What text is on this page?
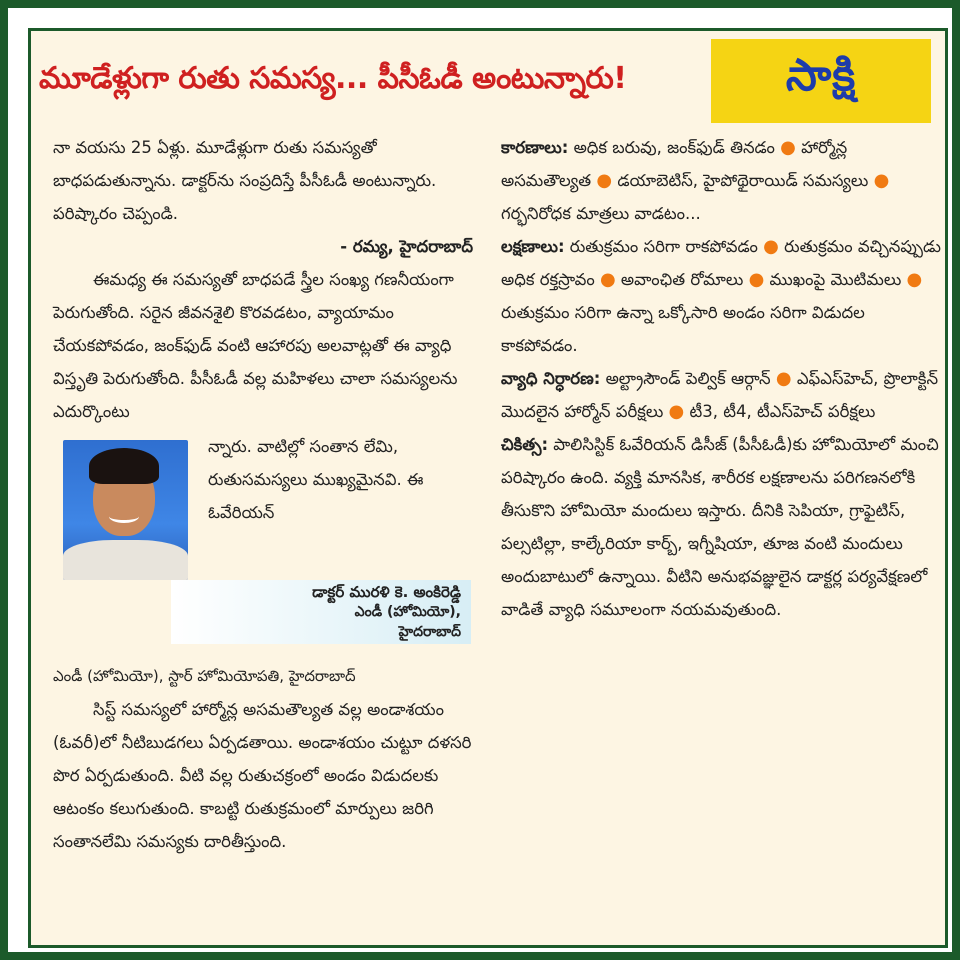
మూడేళ్లుగా రుతు సమస్య... పీసీఓడీ అంటున్నారు!	సాక్షి

నా వయసు 25 ఏళ్లు. మూడేళ్లుగా రుతు సమస్యతో బాధపడుతున్నాను. డాక్టర్‌ను సంప్రదిస్తే పీసీఓడీ అంటున్నారు. పరిష్కారం చెప్పండి.

- రమ్య, హైదరాబాద్

ఈమధ్య ఈ సమస్యతో బాధపడే స్త్రీల సంఖ్య గణనీయంగా పెరుగుతోంది. సరైన జీవనశైలి కొరవడటం, వ్యాయామం చేయకపోవడం, జంక్‌ఫుడ్ వంటి ఆహారపు అలవాట్లతో ఈ వ్యాధి విస్తృతి పెరుగుతోంది. పీసీఓడీ వల్ల మహిళలు చాలా సమస్యలను ఎదుర్కొంటు

న్నారు. వాటిల్లో సంతాన లేమి, రుతుసమస్యలు ముఖ్యమైనవి. ఈ ఓవేరియన్

డాక్టర్ మురళి కె. అంకిరెడ్డి
ఎండీ (హోమియో),
హైదరాబాద్

ఎండీ (హోమియో), స్టార్ హోమియోపతి, హైదరాబాద్

సిస్ట్ సమస్యలో హార్మోన్ల అసమతౌల్యత వల్ల అండాశయం (ఓవరీ)లో నీటిబుడగలు ఏర్పడతాయి. అండాశయం చుట్టూ దళసరి పొర ఏర్పడుతుంది. వీటి వల్ల రుతుచక్రంలో అండం విడుదలకు ఆటంకం కలుగుతుంది. కాబట్టి రుతుక్రమంలో మార్పులు జరిగి సంతానలేమి సమస్యకు దారితీస్తుంది.

కారణాలు: అధిక బరువు, జంక్‌ఫుడ్ తినడం ● హార్మోన్ల అసమతౌల్యత ● డయాబెటిస్, హైపోథైరాయిడ్ సమస్యలు ● గర్భనిరోధక మాత్రలు వాడటం...

లక్షణాలు: రుతుక్రమం సరిగా రాకపోవడం ● రుతుక్రమం వచ్చినప్పుడు అధిక రక్తస్రావం ● అవాంఛిత రోమాలు ● ముఖంపై మొటిమలు ● రుతుక్రమం సరిగా ఉన్నా ఒక్కోసారి అండం సరిగా విడుదల కాకపోవడం.

వ్యాధి నిర్ధారణ: అల్ట్రాసౌండ్ పెల్విక్ ఆర్గాన్ ● ఎఫ్ఎస్‌హెచ్, ప్రొలాక్టిన్ మొదలైన హార్మోన్ పరీక్షలు ● టీ3, టీ4, టీఎస్‌హెచ్ పరీక్షలు

చికిత్స: పాలిసిస్టిక్ ఓవేరియన్ డిసీజ్ (పీసీఓడీ)కు హోమియోలో మంచి పరిష్కారం ఉంది. వ్యక్తి మానసిక, శారీరక లక్షణాలను పరిగణనలోకి తీసుకొని హోమియో మందులు ఇస్తారు. దీనికి సెపియా, గ్రాఫైటిస్, పల్సటిల్లా, కాల్కేరియా కార్బ్, ఇగ్నీషియా, తూజ వంటి మందులు అందుబాటులో ఉన్నాయి. వీటిని అనుభవజ్ఞులైన డాక్టర్ల పర్యవేక్షణలో వాడితే వ్యాధి సమూలంగా నయమవుతుంది.
